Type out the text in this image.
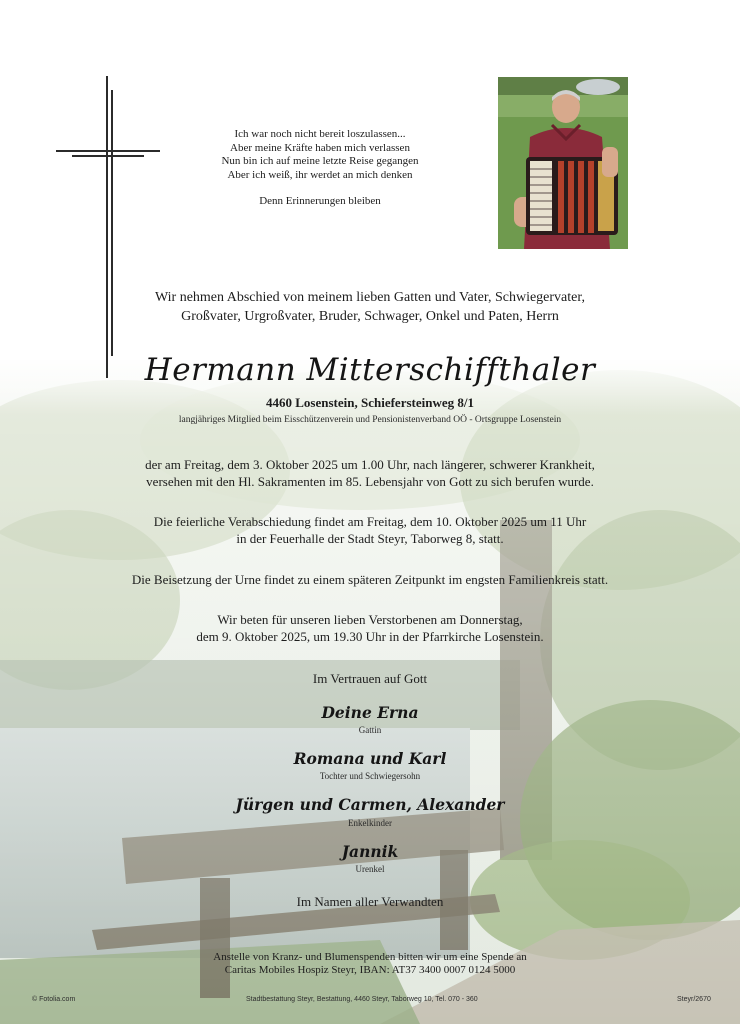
Ich war noch nicht bereit loszulassen...
Aber meine Kräfte haben mich verlassen
Nun bin ich auf meine letzte Reise gegangen
Aber ich weiß, ihr werdet an mich denken
Denn Erinnerungen bleiben
Wir nehmen Abschied von meinem lieben Gatten und Vater, Schwiegervater,
Großvater, Urgroßvater, Bruder, Schwager, Onkel und Paten, Herrn
Hermann Mitterschiffthaler
4460 Losenstein, Schiefersteinweg 8/1
langjähriges Mitglied beim Eisschützenverein und Pensionistenverband OÖ - Ortsgruppe Losenstein
der am Freitag, dem 3. Oktober 2025 um 1.00 Uhr, nach längerer, schwerer Krankheit,
versehen mit den Hl. Sakramenten im 85. Lebensjahr von Gott zu sich berufen wurde.
Die feierliche Verabschiedung findet am Freitag, dem 10. Oktober 2025 um 11 Uhr
in der Feuerhalle der Stadt Steyr, Taborweg 8, statt.
Die Beisetzung der Urne findet zu einem späteren Zeitpunkt im engsten Familienkreis statt.
Wir beten für unseren lieben Verstorbenen am Donnerstag,
dem 9. Oktober 2025, um 19.30 Uhr in der Pfarrkirche Losenstein.
Im Vertrauen auf Gott
Deine Erna
Gattin
Romana und Karl
Tochter und Schwiegersohn
Jürgen und Carmen, Alexander
Enkelkinder
Jannik
Urenkel
Im Namen aller Verwandten
Anstelle von Kranz- und Blumenspenden bitten wir um eine Spende an
Caritas Mobiles Hospiz Steyr, IBAN: AT37 3400 0007 0124 5000
© Fotolia.com	Stadtbestattung Steyr, Bestattung, 4460 Steyr, Taborweg 10, Tel. 070 - 360	Steyr/2670
